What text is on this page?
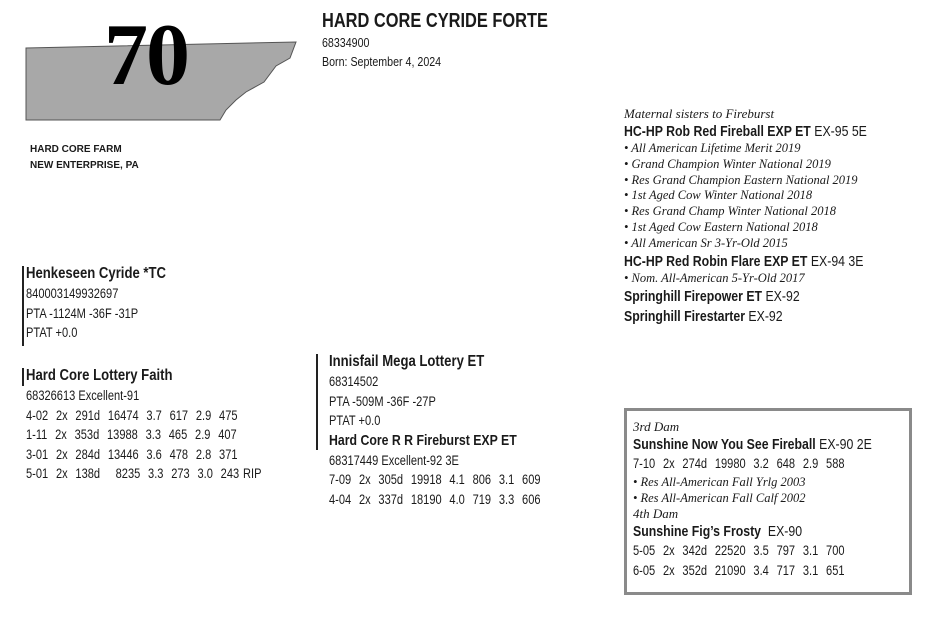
70
HARD CORE FARM
NEW ENTERPRISE, PA
HARD CORE CYRIDE FORTE
68334900
Born: September 4, 2024
Henkeseen Cyride *TC
840003149932697
PTA -1124M -36F -31P
PTAT +0.0
Hard Core Lottery Faith
68326613 Excellent-91
4-02  2x  291d  16474  3.7  617  2.9  475
1-11  2x  353d  13988  3.3  465  2.9  407
3-01  2x  284d  13446  3.6  478  2.8  371
5-01  2x  138d    8235  3.3  273  3.0  243 RIP
Innisfail Mega Lottery ET
68314502
PTA -509M -36F -27P
PTAT +0.0
Hard Core R R Fireburst EXP ET
68317449 Excellent-92 3E
7-09  2x  305d  19918  4.1  806  3.1  609
4-04  2x  337d  18190  4.0  719  3.3  606
Maternal sisters to Fireburst
HC-HP Rob Red Fireball EXP ET EX-95 5E
• All American Lifetime Merit 2019
• Grand Champion Winter National 2019
• Res Grand Champion Eastern National 2019
• 1st Aged Cow Winter National 2018
• Res Grand Champ Winter National 2018
• 1st Aged Cow Eastern National 2018
• All American Sr 3-Yr-Old 2015
HC-HP Red Robin Flare EXP ET EX-94 3E
• Nom. All-American 5-Yr-Old 2017
Springhill Firepower ET EX-92 Springhill Firestarter EX-92
3rd Dam
Sunshine Now You See Fireball EX-90 2E
7-10  2x  274d  19980  3.2  648  2.9  588
• Res All-American Fall Yrlg 2003
• Res All-American Fall Calf 2002
4th Dam
Sunshine Fig’s Frosty  EX-90
5-05  2x  342d  22520  3.5  797  3.1  700
6-05  2x  352d  21090  3.4  717  3.1  651
